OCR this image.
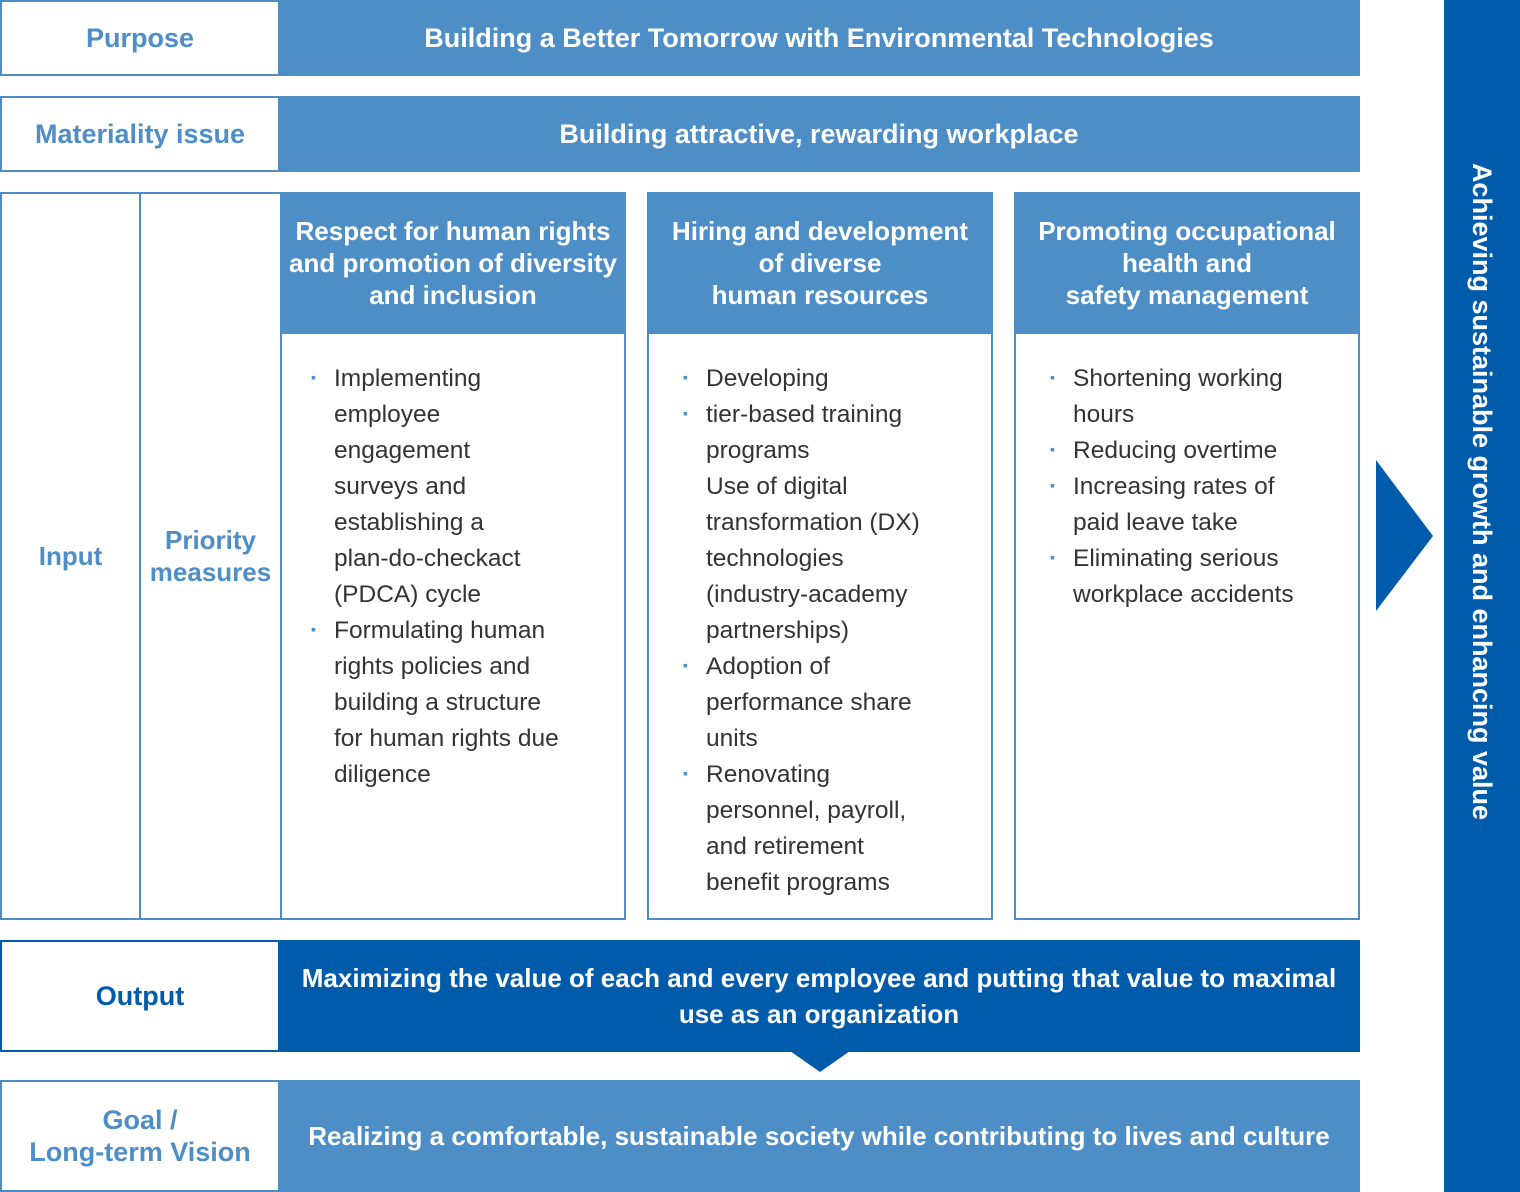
Purpose	Building a Better Tomorrow with Environmental Technologies
Materiality issue	Building attractive, rewarding workplace
Input
Priority
measures
Respect for human rights
and promotion of diversity
and inclusion
· Implementing
employee
engagement
surveys and
establishing a
plan-do-checkact
(PDCA) cycle
· Formulating human
rights policies and
building a structure
for human rights due
diligence
Hiring and development
of diverse
human resources
· Developing
· tier-based training
programs
Use of digital
transformation (DX)
technologies
(industry-academy
partnerships)
· Adoption of
performance share
units
· Renovating
personnel, payroll,
and retirement
benefit programs
Promoting occupational
health and
safety management
· Shortening working
hours
· Reducing overtime
· Increasing rates of
paid leave take
· Eliminating serious
workplace accidents
Output
Maximizing the value of each and every employee and putting that value to maximal
use as an organization
Goal /
Long-term Vision
Realizing a comfortable, sustainable society while contributing to lives and culture
Achieving sustainable growth and enhancing value
